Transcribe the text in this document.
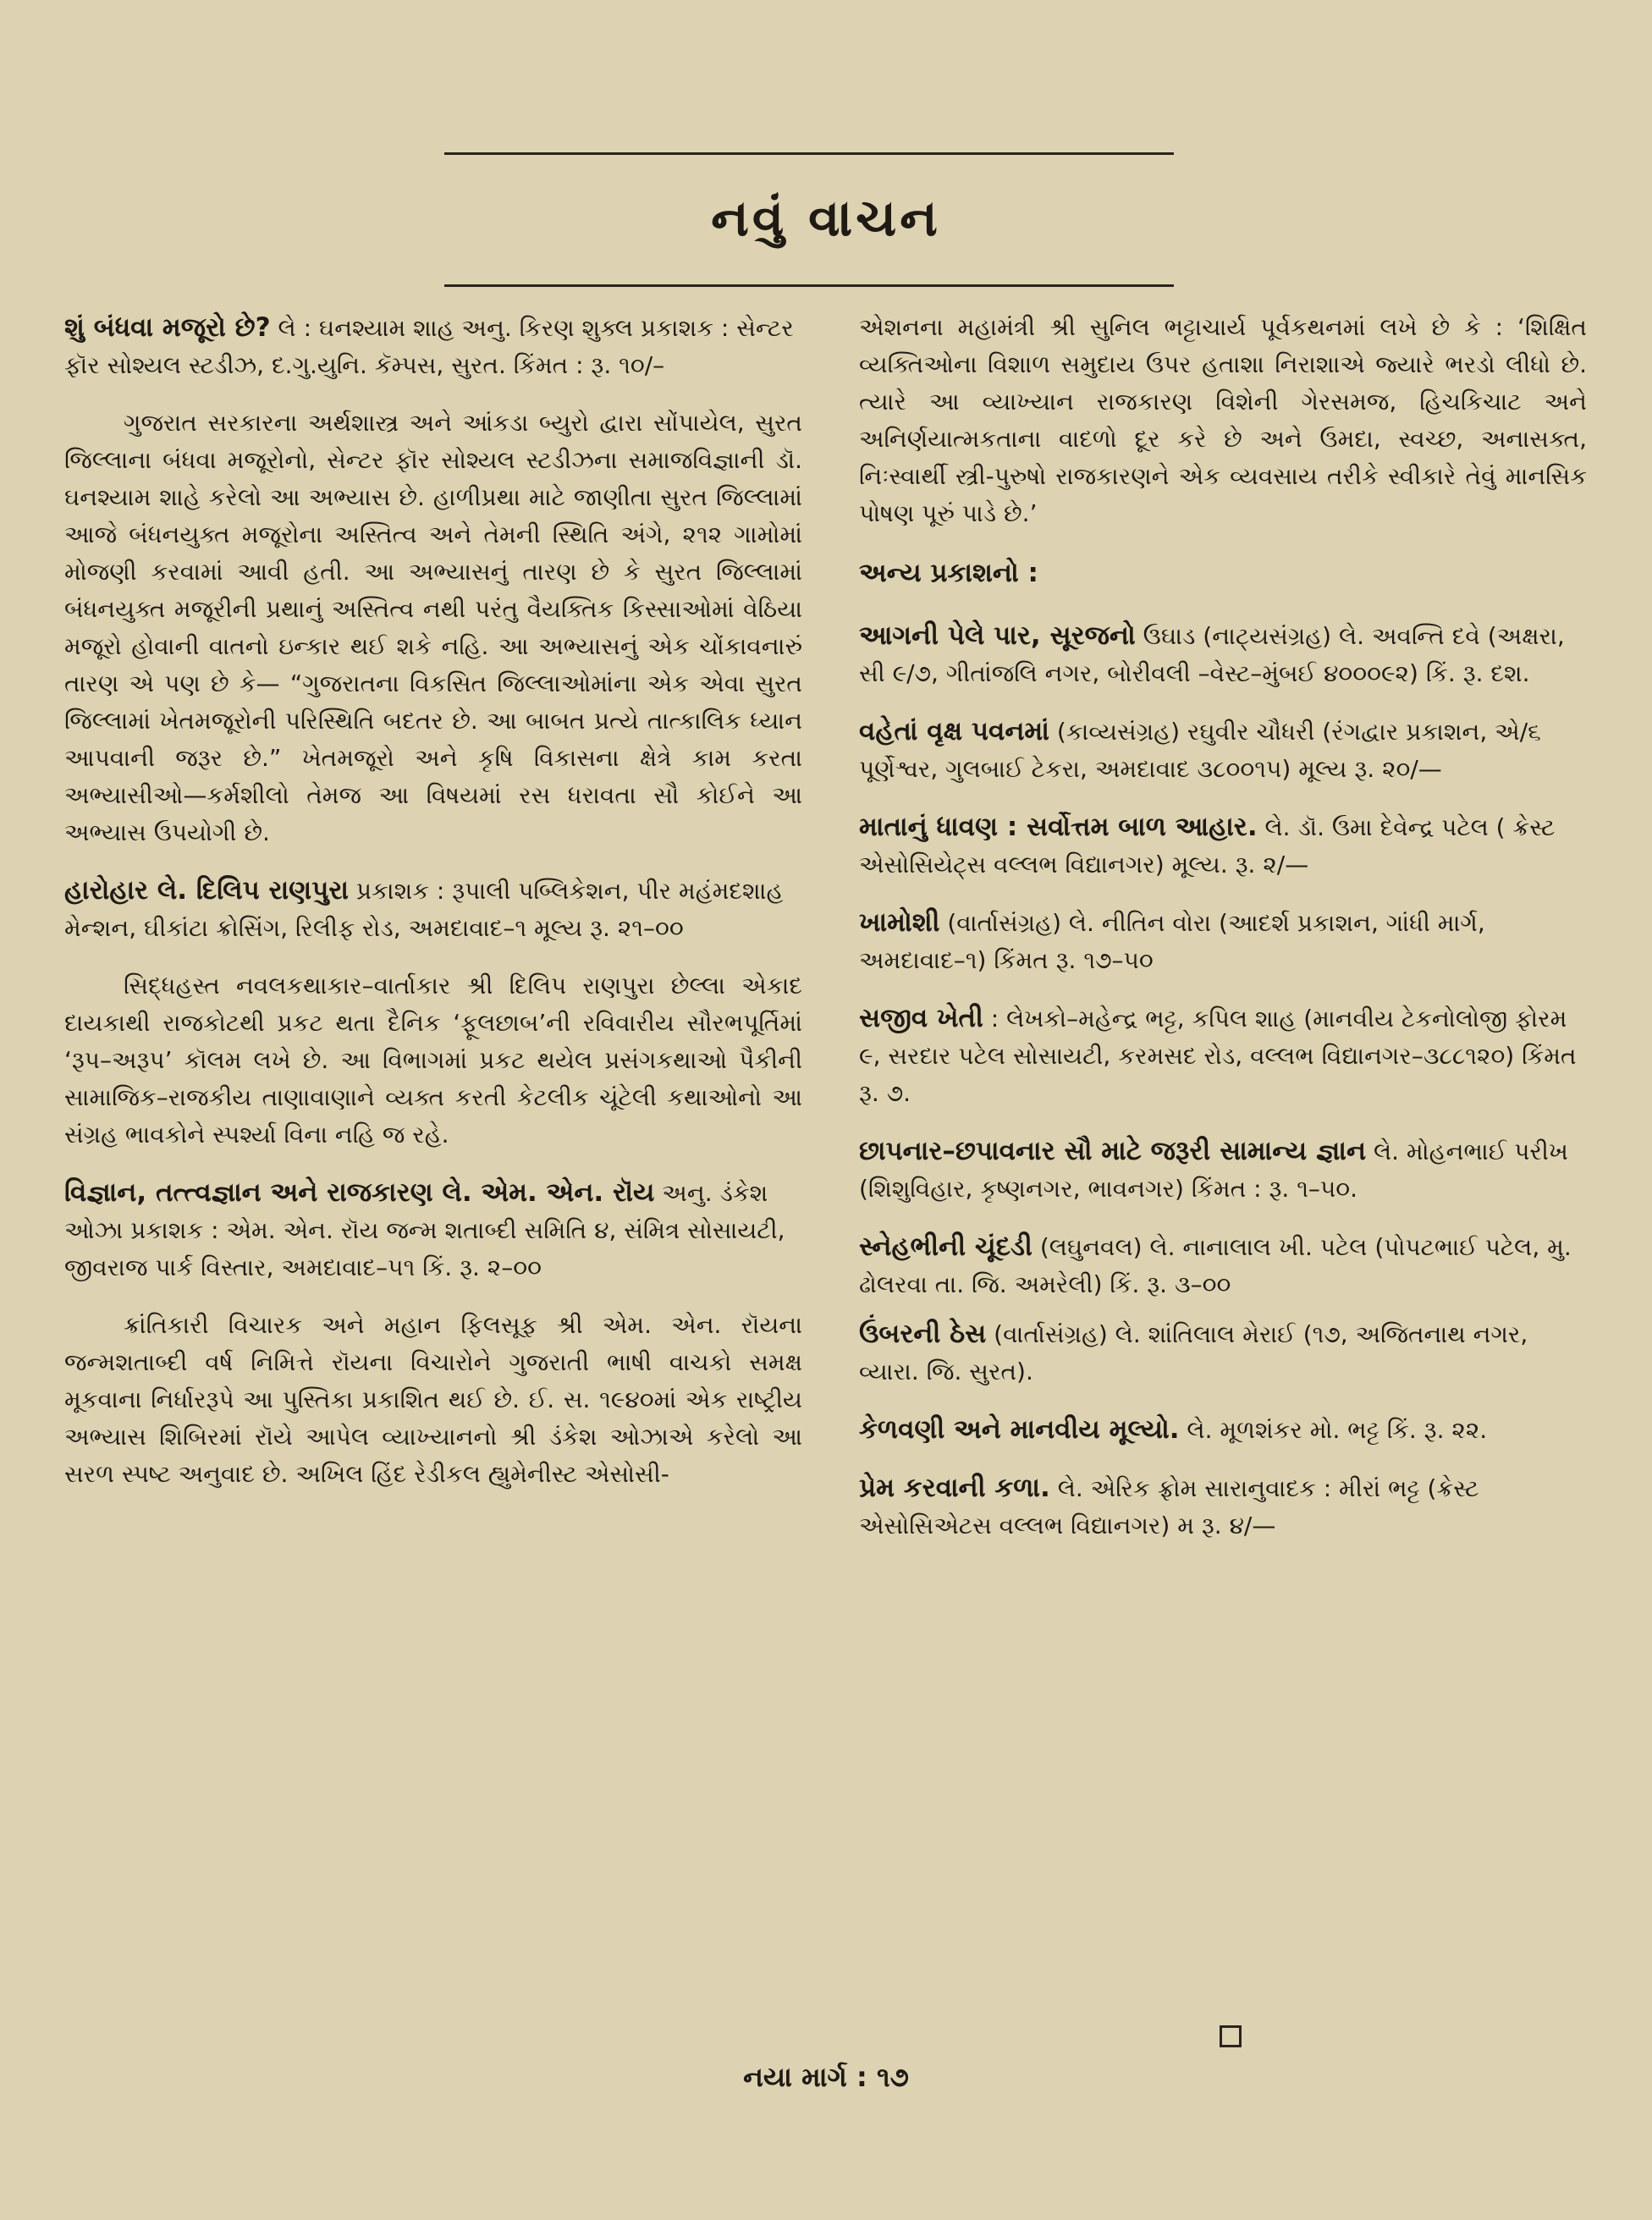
નવું વાચન
શું બંધવા મજૂરો છે? લે : ઘનશ્યામ શાહ અનુ. કિરણ શુક્લ પ્રકાશક : સેન્ટર ફૉર સોશ્યલ સ્ટડીઝ, દ.ગુ.યુનિ. કૅમ્પસ, સુરત. કિંમત : રૂ. ૧૦/–
ગુજરાત સરકારના અર્થશાસ્ત્ર અને આંકડા બ્યુરો દ્વારા સોંપાયેલ, સુરત જિલ્લાના બંધવા મજૂરોનો, સેન્ટર ફૉર સોશ્યલ સ્ટડીઝના સમાજવિજ્ઞાની ડૉ. ઘનશ્યામ શાહે કરેલો આ અભ્યાસ છે. હાળીપ્રથા માટે જાણીતા સુરત જિલ્લામાં આજે બંધનયુક્ત મજૂરોના અસ્તિત્વ અને તેમની સ્થિતિ અંગે, ૨૧૨ ગામોમાં મોજણી કરવામાં આવી હતી. આ અભ્યાસનું તારણ છે કે સુરત જિલ્લામાં બંધનયુક્ત મજૂરીની પ્રથાનું અસ્તિત્વ નથી પરંતુ વૈયક્તિક કિસ્સાઓમાં વેઠિયા મજૂરો હોવાની વાતનો ઇન્કાર થઈ શકે નહિ. આ અભ્યાસનું એક ચોંકાવનારું તારણ એ પણ છે કે— “ગુજરાતના વિકસિત જિલ્લાઓમાંના એક એવા સુરત જિલ્લામાં ખેતમજૂરોની પરિસ્થિતિ બદતર છે. આ બાબત પ્રત્યે તાત્કાલિક ધ્યાન આપવાની જરૂર છે.” ખેતમજૂરો અને કૃષિ વિકાસના ક્ષેત્રે કામ કરતા અભ્યાસીઓ—કર્મશીલો તેમજ આ વિષયમાં રસ ધરાવતા સૌ કોઈને આ અભ્યાસ ઉપયોગી છે.
હારોહાર લે. દિલિપ રાણપુરા પ્રકાશક : રૂપાલી પબ્લિકેશન, પીર મહંમદશાહ મેન્શન, ઘીકાંટા ક્રોસિંગ, રિલીફ રોડ, અમદાવાદ–૧ મૂલ્ય રૂ. ૨૧–૦૦
સિદ્ધહસ્ત નવલકથાકાર–વાર્તાકાર શ્રી દિલિપ રાણપુરા છેલ્લા એકાદ દાયકાથી રાજકોટથી પ્રકટ થતા દૈનિક ‘ફૂલછાબ’ની રવિવારીય સૌરભપૂર્તિમાં ‘રૂપ–અરૂપ’ કૉલમ લખે છે. આ વિભાગમાં પ્રકટ થયેલ પ્રસંગકથાઓ પૈકીની સામાજિક–રાજકીય તાણાવાણાને વ્યક્ત કરતી કેટલીક ચૂંટેલી કથાઓનો આ સંગ્રહ ભાવકોને સ્પર્શ્યા વિના નહિ જ રહે.
વિજ્ઞાન, તત્ત્વજ્ઞાન અને રાજકારણ લે. એમ. એન. રૉય અનુ. ડંકેશ ઓઝા પ્રકાશક : એમ. એન. રૉય જન્મ શતાબ્દી સમિતિ ૪, સંમિત્ર સોસાયટી, જીવરાજ પાર્ક વિસ્તાર, અમદાવાદ–૫૧ કિં. રૂ. ૨–૦૦
ક્રાંતિકારી વિચારક અને મહાન ફિલસૂફ શ્રી એમ. એન. રૉયના જન્મશતાબ્દી વર્ષ નિમિત્તે રૉયના વિચારોને ગુજરાતી ભાષી વાચકો સમક્ષ મૂકવાના નિર્ધારરૂપે આ પુસ્તિકા પ્રકાશિત થઈ છે. ઈ. સ. ૧૯૪૦માં એક રાષ્ટ્રીય અભ્યાસ શિબિરમાં રૉયે આપેલ વ્યાખ્યાનનો શ્રી ડંકેશ ઓઝાએ કરેલો આ સરળ સ્પષ્ટ અનુવાદ છે. અખિલ હિંદ રેડીકલ હ્યુમેનીસ્ટ એસોસી-
એશનના મહામંત્રી શ્રી સુનિલ ભટ્ટાચાર્ય પૂર્વકથનમાં લખે છે કે : ‘શિક્ષિત વ્યક્તિઓના વિશાળ સમુદાય ઉપર હતાશા નિરાશાએ જ્યારે ભરડો લીધો છે. ત્યારે આ વ્યાખ્યાન રાજકારણ વિશેની ગેરસમજ, હિચકિચાટ અને અનિર્ણયાત્મકતાના વાદળો દૂર કરે છે અને ઉમદા, સ્વચ્છ, અનાસક્ત, નિઃસ્વાર્થી સ્ત્રી-પુરુષો રાજકારણને એક વ્યવસાય તરીકે સ્વીકારે તેવું માનસિક પોષણ પૂરું પાડે છે.’
અન્ય પ્રકાશનો :
આગની પેલે પાર, સૂરજનો ઉઘાડ (નાટ્યસંગ્રહ) લે. અવન્તિ દવે (અક્ષરા, સી ૯/૭, ગીતાંજલિ નગર, બોરીવલી –વેસ્ટ–મુંબઈ ૪૦૦૦૯૨) કિં. રૂ. દશ.
વહેતાં વૃક્ષ પવનમાં (કાવ્યસંગ્રહ) રઘુવીર ચૌધરી (રંગદ્વાર પ્રકાશન, એ/૬ પૂર્ણેશ્વર, ગુલબાઈ ટેકરા, અમદાવાદ ૩૮૦૦૧૫) મૂલ્ય રૂ. ૨૦/—
માતાનું ધાવણ : સર્વોત્તમ બાળ આહાર. લે. ડૉ. ઉમા દેવેન્દ્ર પટેલ ( ક્રેસ્ટ એસોસિયેટ્સ વલ્લભ વિદ્યાનગર) મૂલ્ય. રૂ. ૨/—
ખામોશી (વાર્તાસંગ્રહ) લે. નીતિન વોરા (આદર્શ પ્રકાશન, ગાંધી માર્ગ, અમદાવાદ–૧) કિંમત રૂ. ૧૭–૫૦
સજીવ ખેતી : લેખકો–મહેન્દ્ર ભટ્ટ, કપિલ શાહ (માનવીય ટેકનોલોજી ફોરમ ૯, સરદાર પટેલ સોસાયટી, કરમસદ રોડ, વલ્લભ વિદ્યાનગર–૩૮૮૧૨૦) કિંમત રૂ. ૭.
છાપનાર–છપાવનાર સૌ માટે જરૂરી સામાન્ય જ્ઞાન લે. મોહનભાઈ પરીખ (શિશુવિહાર, કૃષ્ણનગર, ભાવનગર) કિંમત : રૂ. ૧–૫૦.
સ્નેહભીની ચૂંદડી (લઘુનવલ) લે. નાનાલાલ ખી. પટેલ (પોપટભાઈ પટેલ, મુ. ઢોલરવા તા. જિ. અમરેલી) કિં. રૂ. ૩–૦૦
ઉંબરની ઠેસ (વાર્તાસંગ્રહ) લે. શાંતિલાલ મેરાઈ (૧૭, અજિતનાથ નગર, વ્યારા. જિ. સુરત).
કેળવણી અને માનવીય મૂલ્યો. લે. મૂળશંકર મો. ભટ્ટ કિં. રૂ. ૨૨.
પ્રેમ કરવાની કળા. લે. એરિક ફ્રોમ સારાનુવાદક : મીરાં ભટ્ટ (ક્રેસ્ટ એસોસિએટસ વલ્લભ વિદ્યાનગર) મ રૂ. ૪/—
નયા માર્ગ : ૧૭
